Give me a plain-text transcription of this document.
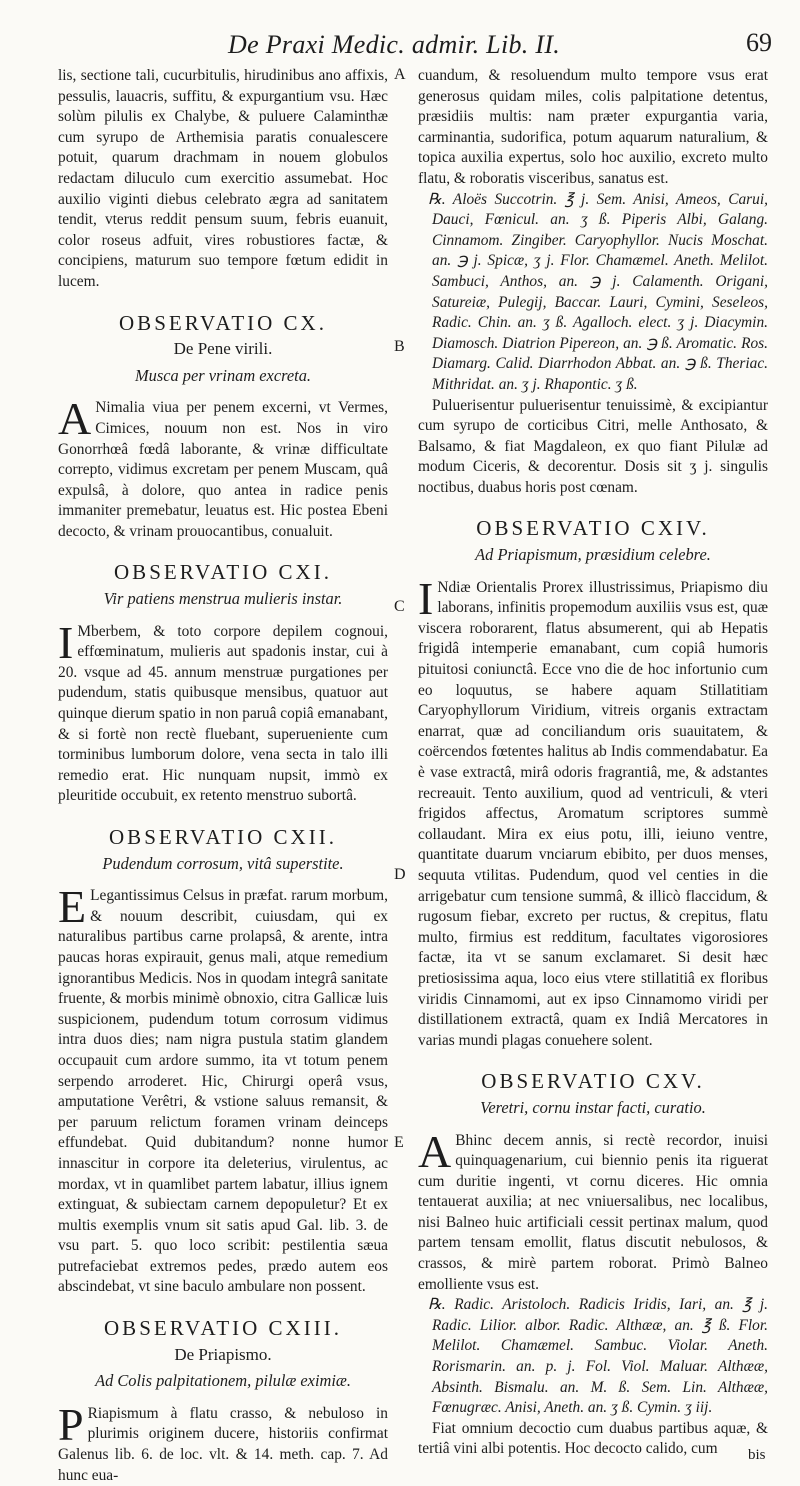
De Praxi Medic. admir. Lib. II.	69
A
B
C
D
E

lis, sectione tali, cucurbitulis, hirudinibus ano affixis, pessulis, lauacris, suffitu, & expurgantium vsu. Hæc solùm pilulis ex Chalybe, & puluere Calaminthæ cum syrupo de Arthemisia paratis conualescere potuit, quarum drachmam in nouem globulos redactam diluculo cum exercitio assumebat. Hoc auxilio viginti diebus celebrato ægra ad sanitatem tendit, vterus reddit pensum suum, febris euanuit, color roseus adfuit, vires robustiores factæ, & concipiens, maturum suo tempore fœtum edidit in lucem.

OBSERVATIO CX.
De Pene virili.
Musca per vrinam excreta.

A Nimalia viua per penem excerni, vt Vermes, Cimices, nouum non est. Nos in viro Gonorrhœâ fœdâ laborante, & vrinæ difficultate correpto, vidimus excretam per penem Muscam, quâ expulsâ, à dolore, quo antea in radice penis immaniter premebatur, leuatus est. Hic postea Ebeni decocto, & vrinam prouocantibus, conualuit.

OBSERVATIO CXI.
Vir patiens menstrua mulieris instar.

I Mberbem, & toto corpore depilem cognoui, effœminatum, mulieris aut spadonis instar, cui à 20. vsque ad 45. annum menstruæ purgationes per pudendum, statis quibusque mensibus, quatuor aut quinque dierum spatio in non paruâ copiâ emanabant, & si fortè non rectè fluebant, superueniente cum torminibus lumborum dolore, vena secta in talo illi remedio erat. Hic nunquam nupsit, immò ex pleuritide occubuit, ex retento menstruo subortâ.

OBSERVATIO CXII.
Pudendum corrosum, vitâ superstite.

E Legantissimus Celsus in præfat. rarum morbum, & nouum describit, cuiusdam, qui ex naturalibus partibus carne prolapsâ, & arente, intra paucas horas expirauit, genus mali, atque remedium ignorantibus Medicis. Nos in quodam integrâ sanitate fruente, & morbis minimè obnoxio, citra Gallicæ luis suspicionem, pudendum totum corrosum vidimus intra duos dies; nam nigra pustula statim glandem occupauit cum ardore summo, ita vt totum penem serpendo arroderet. Hic, Chirurgi operâ vsus, amputatione Verêtri, & vstione saluus remansit, & per paruum relictum foramen vrinam deinceps effundebat. Quid dubitandum? nonne humor innascitur in corpore ita deleterius, virulentus, ac mordax, vt in quamlibet partem labatur, illius ignem extinguat, & subiectam carnem depopuletur? Et ex multis exemplis vnum sit satis apud Gal. lib. 3. de vsu part. 5. quo loco scribit: pestilentia sæua putrefaciebat extremos pedes, prædo autem eos abscindebat, vt sine baculo ambulare non possent.

OBSERVATIO CXIII.
De Priapismo.
Ad Colis palpitationem, pilulæ eximiæ.

P Riapismum à flatu crasso, & nebuloso in plurimis originem ducere, historiis confirmat Galenus lib. 6. de loc. vlt. & 14. meth. cap. 7. Ad hunc eua-

cuandum, & resoluendum multo tempore vsus erat generosus quidam miles, colis palpitatione detentus, præsidiis multis: nam præter expurgantia varia, carminantia, sudorifica, potum aquarum naturalium, & topica auxilia expertus, solo hoc auxilio, excreto multo flatu, & roboratis visceribus, sanatus est.

℞. Aloës Succotrin. ℥ j. Sem. Anisi, Ameos, Carui, Dauci, Fœnicul. an. ʒ ß. Piperis Albi, Galang. Cinnamom. Zingiber. Caryophyllor. Nucis Moschat. an. ℈ j. Spicæ, ʒ j. Flor. Chamæmel. Aneth. Melilot. Sambuci, Anthos, an. ℈ j. Calamenth. Origani, Satureiæ, Pulegij, Baccar. Lauri, Cymini, Seseleos, Radic. Chin. an. ʒ ß. Agalloch. elect. ʒ j. Diacymin. Diamosch. Diatrion Pipereon, an. ℈ ß. Aromatic. Ros. Diamarg. Calid. Diarrhodon Abbat. an. ℈ ß. Theriac. Mithridat. an. ʒ j. Rhapontic. ʒ ß.

Puluerisentur puluerisentur tenuissimè, & excipiantur cum syrupo de corticibus Citri, melle Anthosato, & Balsamo, & fiat Magdaleon, ex quo fiant Pilulæ ad modum Ciceris, & decorentur. Dosis sit ʒ j. singulis noctibus, duabus horis post cœnam.

OBSERVATIO CXIV.
Ad Priapismum, præsidium celebre.

I Ndiæ Orientalis Prorex illustrissimus, Priapismo diu laborans, infinitis propemodum auxiliis vsus est, quæ viscera roborarent, flatus absumerent, qui ab Hepatis frigidâ intemperie emanabant, cum copiâ humoris pituitosi coniunctâ. Ecce vno die de hoc infortunio cum eo loquutus, se habere aquam Stillatitiam Caryophyllorum Viridium, vitreis organis extractam enarrat, quæ ad conciliandum oris suauitatem, & coërcendos fœtentes halitus ab Indis commendabatur. Ea è vase extractâ, mirâ odoris fragrantiâ, me, & adstantes recreauit. Tento auxilium, quod ad ventriculi, & vteri frigidos affectus, Aromatum scriptores summè collaudant. Mira ex eius potu, illi, ieiuno ventre, quantitate duarum vnciarum ebibito, per duos menses, sequuta vtilitas. Pudendum, quod vel centies in die arrigebatur cum tensione summâ, & illicò flaccidum, & rugosum fiebar, excreto per ructus, & crepitus, flatu multo, firmius est redditum, facultates vigorosiores factæ, ita vt se sanum exclamaret. Si desit hæc pretiosissima aqua, loco eius vtere stillatitiâ ex floribus viridis Cinnamomi, aut ex ipso Cinnamomo viridi per distillationem extractâ, quam ex Indiâ Mercatores in varias mundi plagas conuehere solent.

OBSERVATIO CXV.
Veretri, cornu instar facti, curatio.

A Bhinc decem annis, si rectè recordor, inuisi quinquagenarium, cui biennio penis ita riguerat cum duritie ingenti, vt cornu diceres. Hic omnia tentauerat auxilia; at nec vniuersalibus, nec localibus, nisi Balneo huic artificiali cessit pertinax malum, quod partem tensam emollit, flatus discutit nebulosos, & crassos, & mirè partem roborat. Primò Balneo emolliente vsus est.

℞. Radic. Aristoloch. Radicis Iridis, Iari, an. ℥ j. Radic. Lilior. albor. Radic. Althææ, an. ℥ ß. Flor. Melilot. Chamæmel. Sambuc. Violar. Aneth. Rorismarin. an. p. j. Fol. Viol. Maluar. Althææ, Absinth. Bismalu. an. M. ß. Sem. Lin. Althææ, Fœnugræc. Anisi, Aneth. an. ʒ ß. Cymin. ʒ iij.

Fiat omnium decoctio cum duabus partibus aquæ, & tertiâ vini albi potentis. Hoc decocto calido, cum	bis
